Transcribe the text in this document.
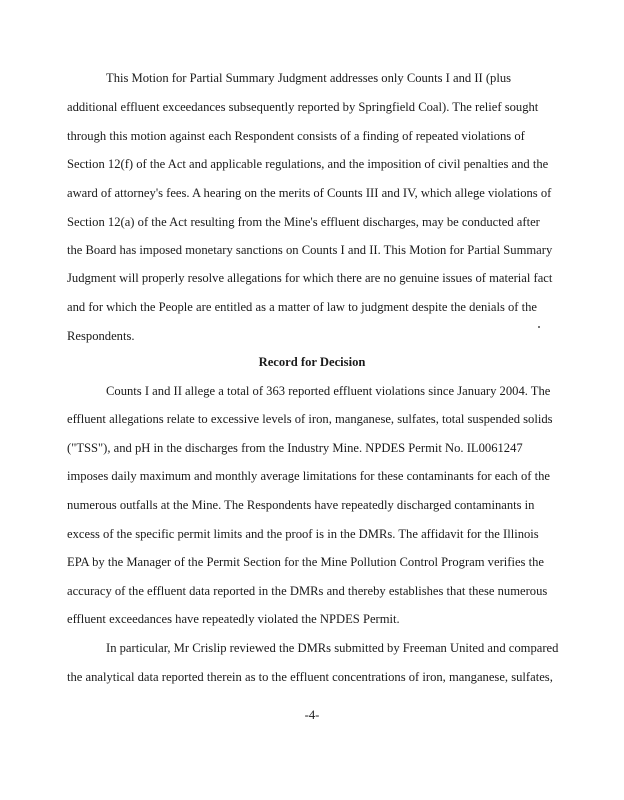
This Motion for Partial Summary Judgment addresses only Counts I and II (plus
additional effluent exceedances subsequently reported by Springfield Coal). The relief sought
through this motion against each Respondent consists of a finding of repeated violations of
Section 12(f) of the Act and applicable regulations, and the imposition of civil penalties and the
award of attorney's fees. A hearing on the merits of Counts III and IV, which allege violations of
Section 12(a) of the Act resulting from the Mine's effluent discharges, may be conducted after
the Board has imposed monetary sanctions on Counts I and II. This Motion for Partial Summary
Judgment will properly resolve allegations for which there are no genuine issues of material fact
and for which the People are entitled as a matter of law to judgment despite the denials of the
Respondents.
Record for Decision
Counts I and II allege a total of 363 reported effluent violations since January 2004. The
effluent allegations relate to excessive levels of iron, manganese, sulfates, total suspended solids
("TSS"), and pH in the discharges from the Industry Mine. NPDES Permit No. IL0061247
imposes daily maximum and monthly average limitations for these contaminants for each of the
numerous outfalls at the Mine. The Respondents have repeatedly discharged contaminants in
excess of the specific permit limits and the proof is in the DMRs. The affidavit for the Illinois
EPA by the Manager of the Permit Section for the Mine Pollution Control Program verifies the
accuracy of the effluent data reported in the DMRs and thereby establishes that these numerous
effluent exceedances have repeatedly violated the NPDES Permit.
In particular, Mr Crislip reviewed the DMRs submitted by Freeman United and compared
the analytical data reported therein as to the effluent concentrations of iron, manganese, sulfates,
-4-
